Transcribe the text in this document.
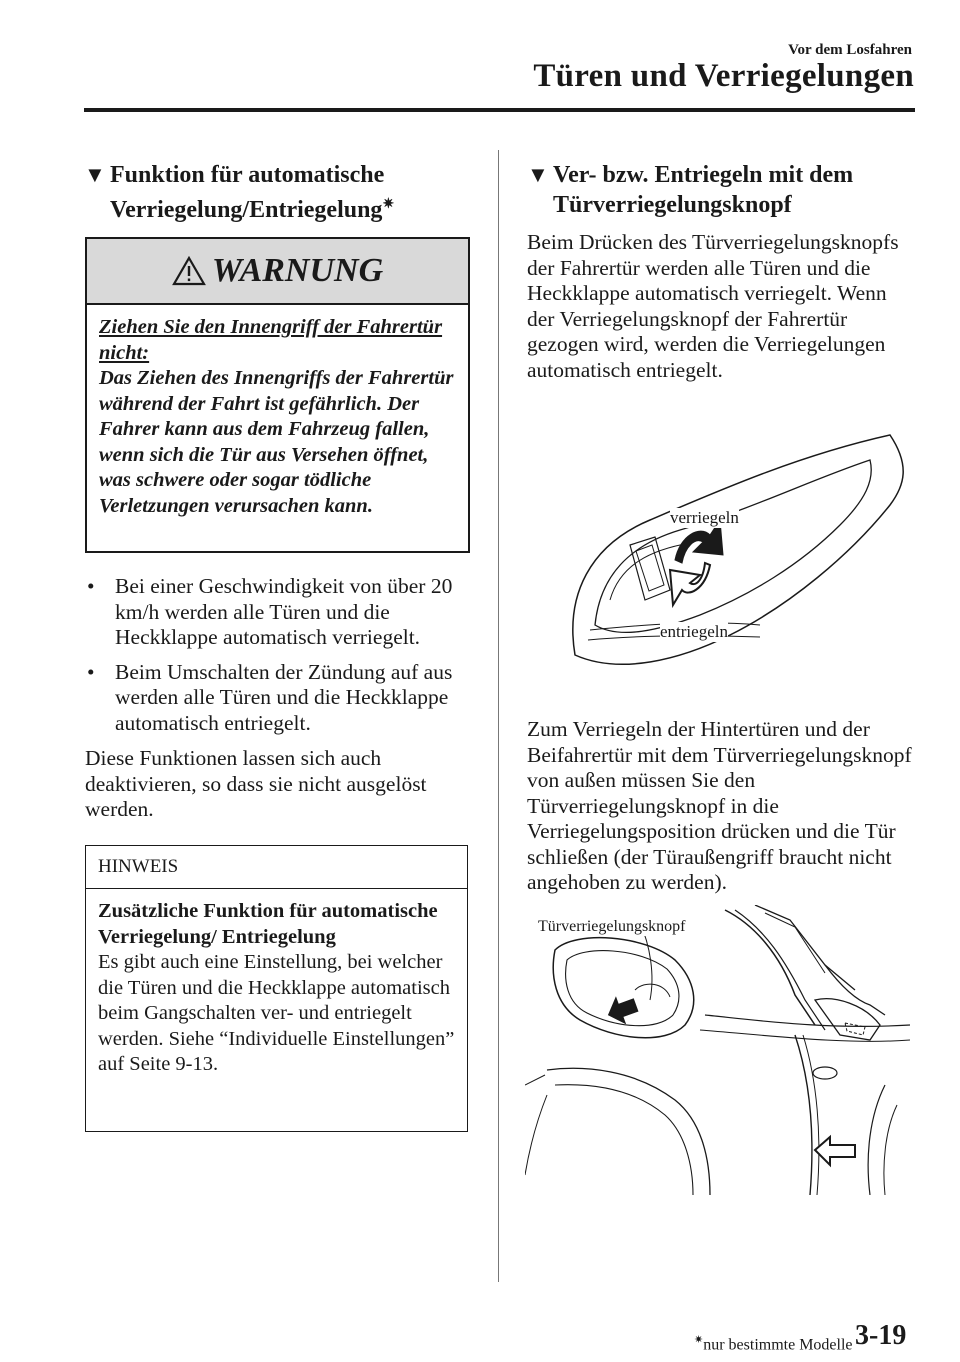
Vor dem Losfahren
Türen und Verriegelungen
▼ Funktion für automatische
Verriegelung/Entriegelung✷
WARNUNG
Ziehen Sie den Innengriff der Fahrertür nicht:
Das Ziehen des Innengriffs der Fahrertür während der Fahrt ist gefährlich. Der Fahrer kann aus dem Fahrzeug fallen, wenn sich die Tür aus Versehen öffnet, was schwere oder sogar tödliche Verletzungen verursachen kann.
• Bei einer Geschwindigkeit von über 20 km/h werden alle Türen und die Heckklappe automatisch verriegelt.
• Beim Umschalten der Zündung auf aus werden alle Türen und die Heckklappe automatisch entriegelt.
Diese Funktionen lassen sich auch deaktivieren, so dass sie nicht ausgelöst werden.
HINWEIS
Zusätzliche Funktion für automatische Verriegelung/ Entriegelung
Es gibt auch eine Einstellung, bei welcher die Türen und die Heckklappe automatisch beim Gangschalten ver- und entriegelt werden. Siehe “Individuelle Einstellungen” auf Seite 9-13.
▼ Ver- bzw. Entriegeln mit dem
Türverriegelungsknopf
Beim Drücken des Türverriegelungsknopfs der Fahrertür werden alle Türen und die Heckklappe automatisch verriegelt. Wenn der Verriegelungsknopf der Fahrertür gezogen wird, werden die Verriegelungen automatisch entriegelt.
verriegeln
entriegeln
Zum Verriegeln der Hintertüren und der Beifahrertür mit dem Türverriegelungsknopf von außen müssen Sie den Türverriegelungsknopf in die Verriegelungsposition drücken und die Tür schließen (der Türaußengriff braucht nicht angehoben zu werden).
Türverriegelungsknopf
✷nur bestimmte Modelle 3-19
